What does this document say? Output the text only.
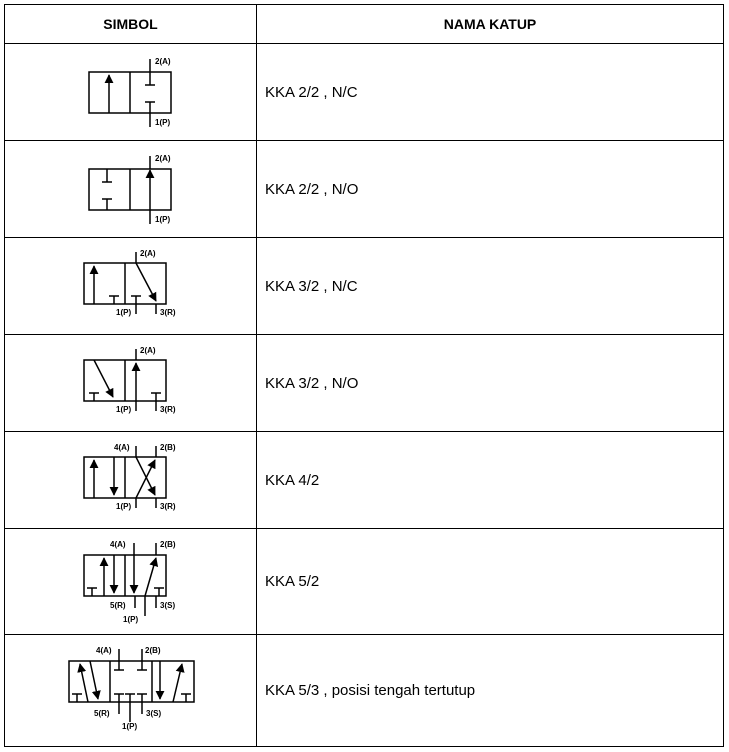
SIMBOL	NAMA KATUP

2(A)
1(P)	KKA 2/2 , N/C

2(A)
1(P)	KKA 2/2 , N/O

2(A)
1(P) 3(R)	KKA 3/2 , N/C

2(A)
1(P) 3(R)	KKA 3/2 , N/O

4(A) 2(B)
1(P) 3(R)	KKA 4/2

4(A) 2(B)
5(R) 3(S)
1(P)	KKA 5/2

4(A) 2(B)
5(R) 3(S)
1(P)	KKA 5/3 , posisi tengah tertutup
